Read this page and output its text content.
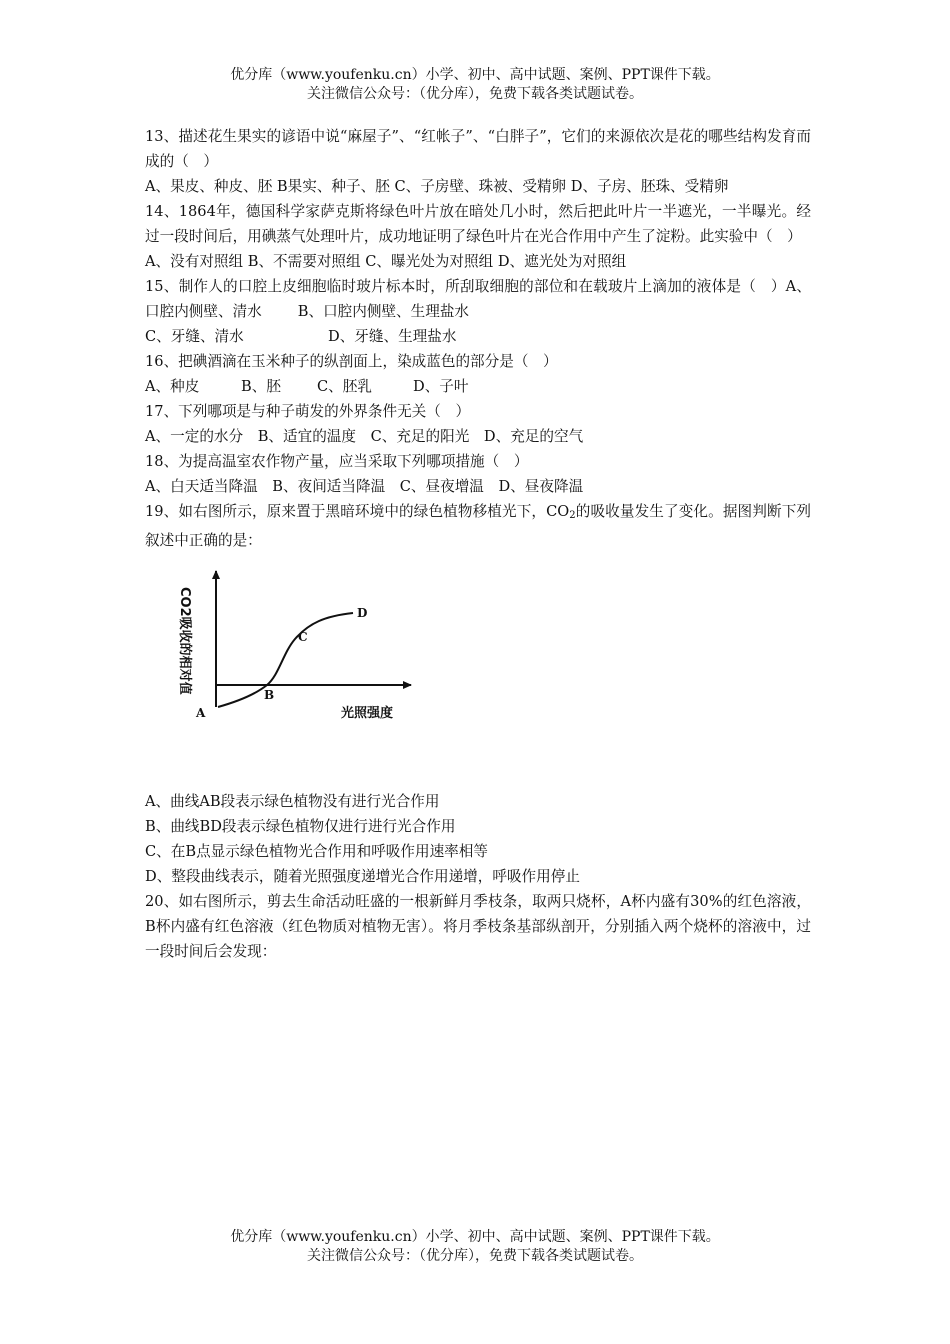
优分库（www.youfenku.cn）小学、初中、高中试题、案例、PPT课件下载。

关注微信公众号：（优分库），免费下载各类试题试卷。

13、描述花生果实的谚语中说“麻屋子”、“红帐子”、“白胖子”，它们的来源依次是花的哪些结构发育而成的（　）

A、果皮、种皮、胚 B果实、种子、胚 C、子房壁、珠被、受精卵 D、子房、胚珠、受精卵

14、1864年，德国科学家萨克斯将绿色叶片放在暗处几小时，然后把此叶片一半遮光，一半曝光。经过一段时间后，用碘蒸气处理叶片，成功地证明了绿色叶片在光合作用中产生了淀粉。此实验中（　）

A、没有对照组 B、不需要对照组 C、曝光处为对照组 D、遮光处为对照组

15、制作人的口腔上皮细胞临时玻片标本时，所刮取细胞的部位和在载玻片上滴加的液体是（　）A、口腔内侧壁、清水 B、口腔内侧壁、生理盐水

C、牙缝、清水	D、牙缝、生理盐水

16、把碘酒滴在玉米种子的纵剖面上，染成蓝色的部分是（　）

A、种皮	B、胚 C、胚乳	D、子叶

17、下列哪项是与种子萌发的外界条件无关（　）

A、一定的水分　B、适宜的温度　C、充足的阳光　D、充足的空气

18、为提高温室农作物产量，应当采取下列哪项措施（　）

A、白天适当降温　B、夜间适当降温　C、昼夜增温　D、昼夜降温

19、如右图所示，原来置于黑暗环境中的绿色植物移植光下，$CO_2$的吸收量发生了变化。据图判断下列叙述中正确的是：

CO2吸收的相对值
光照强度
A
B
C
D

A、曲线AB段表示绿色植物没有进行光合作用

B、曲线BD段表示绿色植物仅进行进行光合作用

C、在B点显示绿色植物光合作用和呼吸作用速率相等

D、整段曲线表示，随着光照强度递增光合作用递增，呼吸作用停止

20、如右图所示，剪去生命活动旺盛的一根新鲜月季枝条，取两只烧杯，A杯内盛有30%的红色溶液，B杯内盛有红色溶液（红色物质对植物无害）。将月季枝条基部纵剖开，分别插入两个烧杯的溶液中，过一段时间后会发现：

优分库（www.youfenku.cn）小学、初中、高中试题、案例、PPT课件下载。

关注微信公众号：（优分库），免费下载各类试题试卷。
